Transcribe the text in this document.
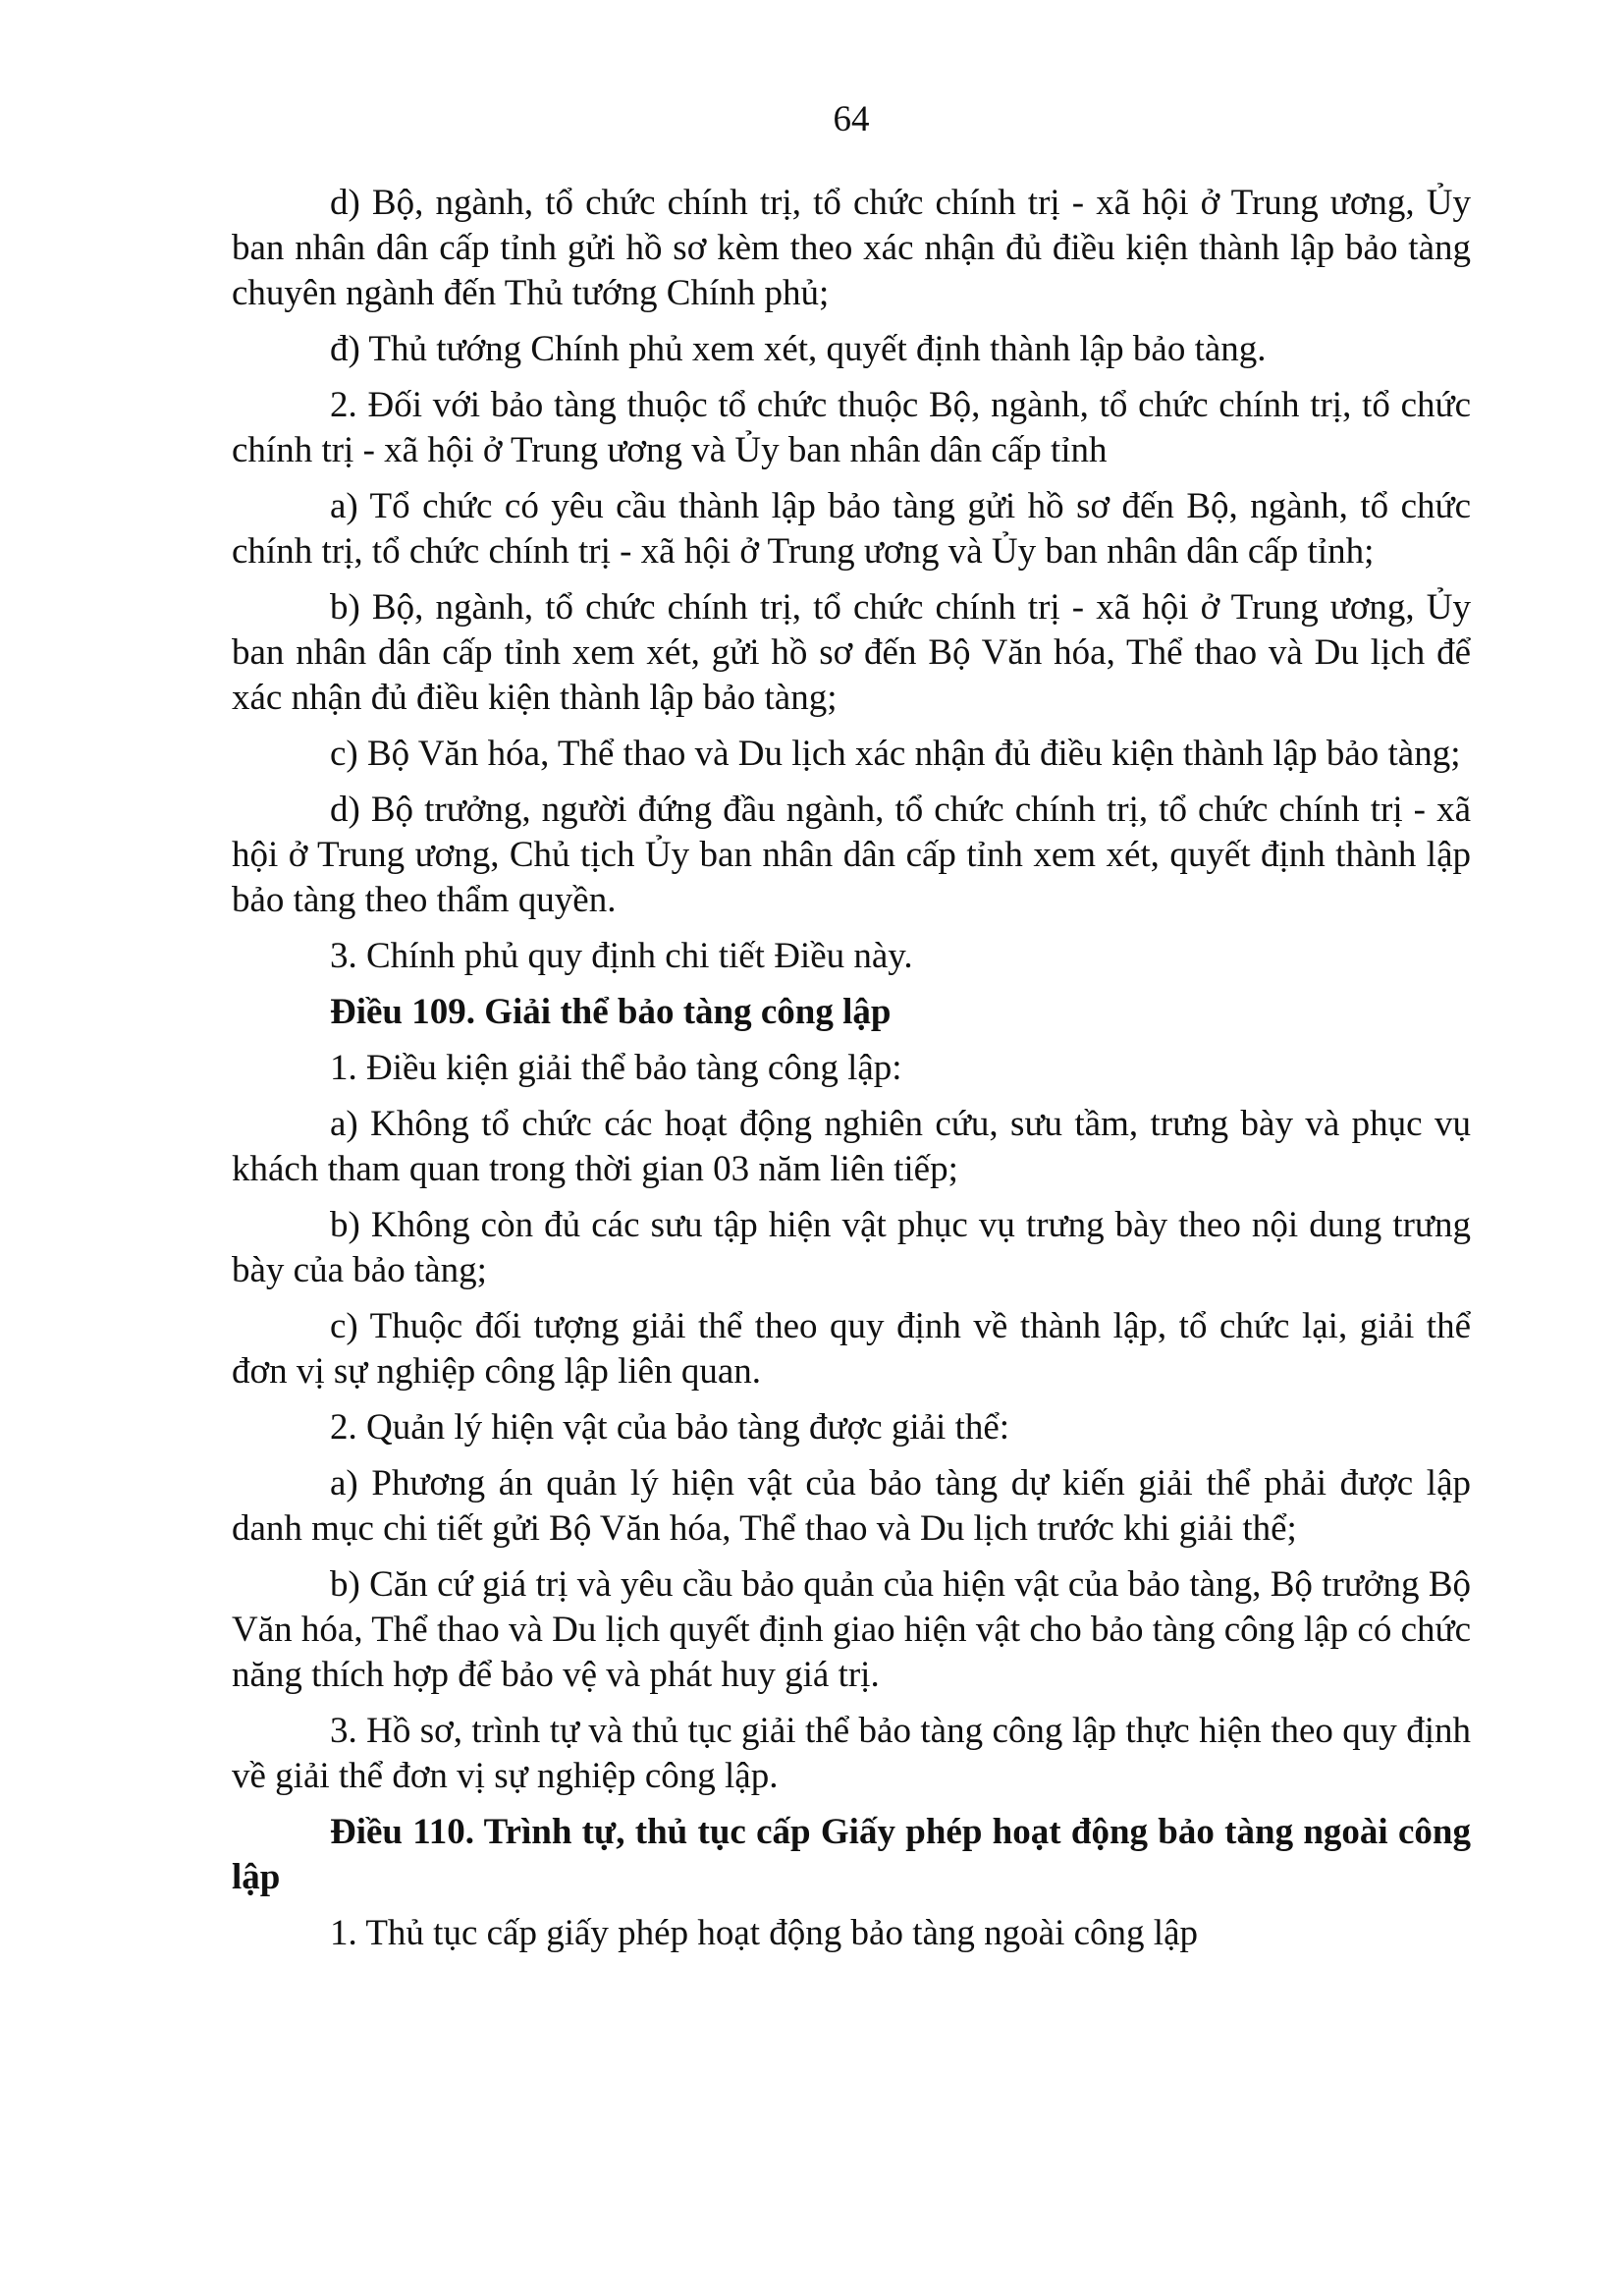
64

d) Bộ, ngành, tổ chức chính trị, tổ chức chính trị - xã hội ở Trung ương, Ủy ban nhân dân cấp tỉnh gửi hồ sơ kèm theo xác nhận đủ điều kiện thành lập bảo tàng chuyên ngành đến Thủ tướng Chính phủ;

đ) Thủ tướng Chính phủ xem xét, quyết định thành lập bảo tàng.

2. Đối với bảo tàng thuộc tổ chức thuộc Bộ, ngành, tổ chức chính trị, tổ chức chính trị - xã hội ở Trung ương và Ủy ban nhân dân cấp tỉnh

a) Tổ chức có yêu cầu thành lập bảo tàng gửi hồ sơ đến Bộ, ngành, tổ chức chính trị, tổ chức chính trị - xã hội ở Trung ương và Ủy ban nhân dân cấp tỉnh;

b) Bộ, ngành, tổ chức chính trị, tổ chức chính trị - xã hội ở Trung ương, Ủy ban nhân dân cấp tỉnh xem xét, gửi hồ sơ đến Bộ Văn hóa, Thể thao và Du lịch để xác nhận đủ điều kiện thành lập bảo tàng;

c) Bộ Văn hóa, Thể thao và Du lịch xác nhận đủ điều kiện thành lập bảo tàng;

d) Bộ trưởng, người đứng đầu ngành, tổ chức chính trị, tổ chức chính trị - xã hội ở Trung ương, Chủ tịch Ủy ban nhân dân cấp tỉnh xem xét, quyết định thành lập bảo tàng theo thẩm quyền.

3. Chính phủ quy định chi tiết Điều này.

Điều 109. Giải thể bảo tàng công lập

1. Điều kiện giải thể bảo tàng công lập:

a) Không tổ chức các hoạt động nghiên cứu, sưu tầm, trưng bày và phục vụ khách tham quan trong thời gian 03 năm liên tiếp;

b) Không còn đủ các sưu tập hiện vật phục vụ trưng bày theo nội dung trưng bày của bảo tàng;

c) Thuộc đối tượng giải thể theo quy định về thành lập, tổ chức lại, giải thể đơn vị sự nghiệp công lập liên quan.

2. Quản lý hiện vật của bảo tàng được giải thể:

a) Phương án quản lý hiện vật của bảo tàng dự kiến giải thể phải được lập danh mục chi tiết gửi Bộ Văn hóa, Thể thao và Du lịch trước khi giải thể;

b) Căn cứ giá trị và yêu cầu bảo quản của hiện vật của bảo tàng, Bộ trưởng Bộ Văn hóa, Thể thao và Du lịch quyết định giao hiện vật cho bảo tàng công lập có chức năng thích hợp để bảo vệ và phát huy giá trị.

3. Hồ sơ, trình tự và thủ tục giải thể bảo tàng công lập thực hiện theo quy định về giải thể đơn vị sự nghiệp công lập.

Điều 110. Trình tự, thủ tục cấp Giấy phép hoạt động bảo tàng ngoài công lập

1. Thủ tục cấp giấy phép hoạt động bảo tàng ngoài công lập
